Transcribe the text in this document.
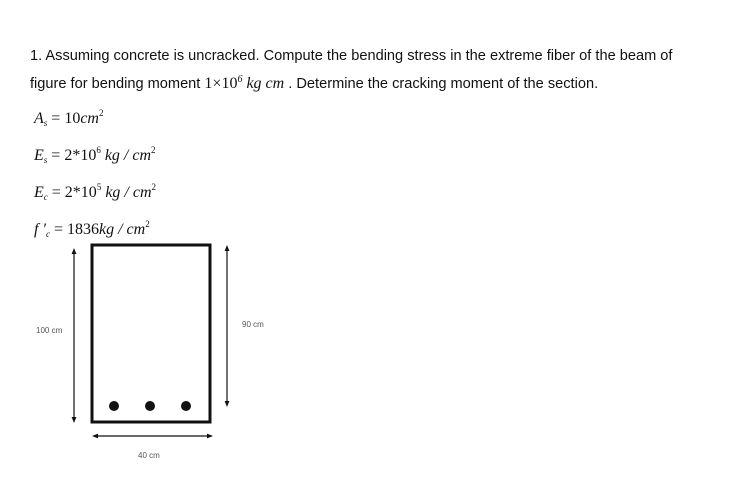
1. Assuming concrete is uncracked. Compute the bending stress in the extreme fiber of the beam of
figure for bending moment $1\times 10^6$ kg cm . Determine the cracking moment of the section.
$A_s = 10cm^2$
$E_s = 2*10^6$ kg / $cm^2$
$E_c = 2*10^5$ kg / $cm^2$
f $'_c = 1836kg / cm^2$
100 cm
90 cm
40 cm
